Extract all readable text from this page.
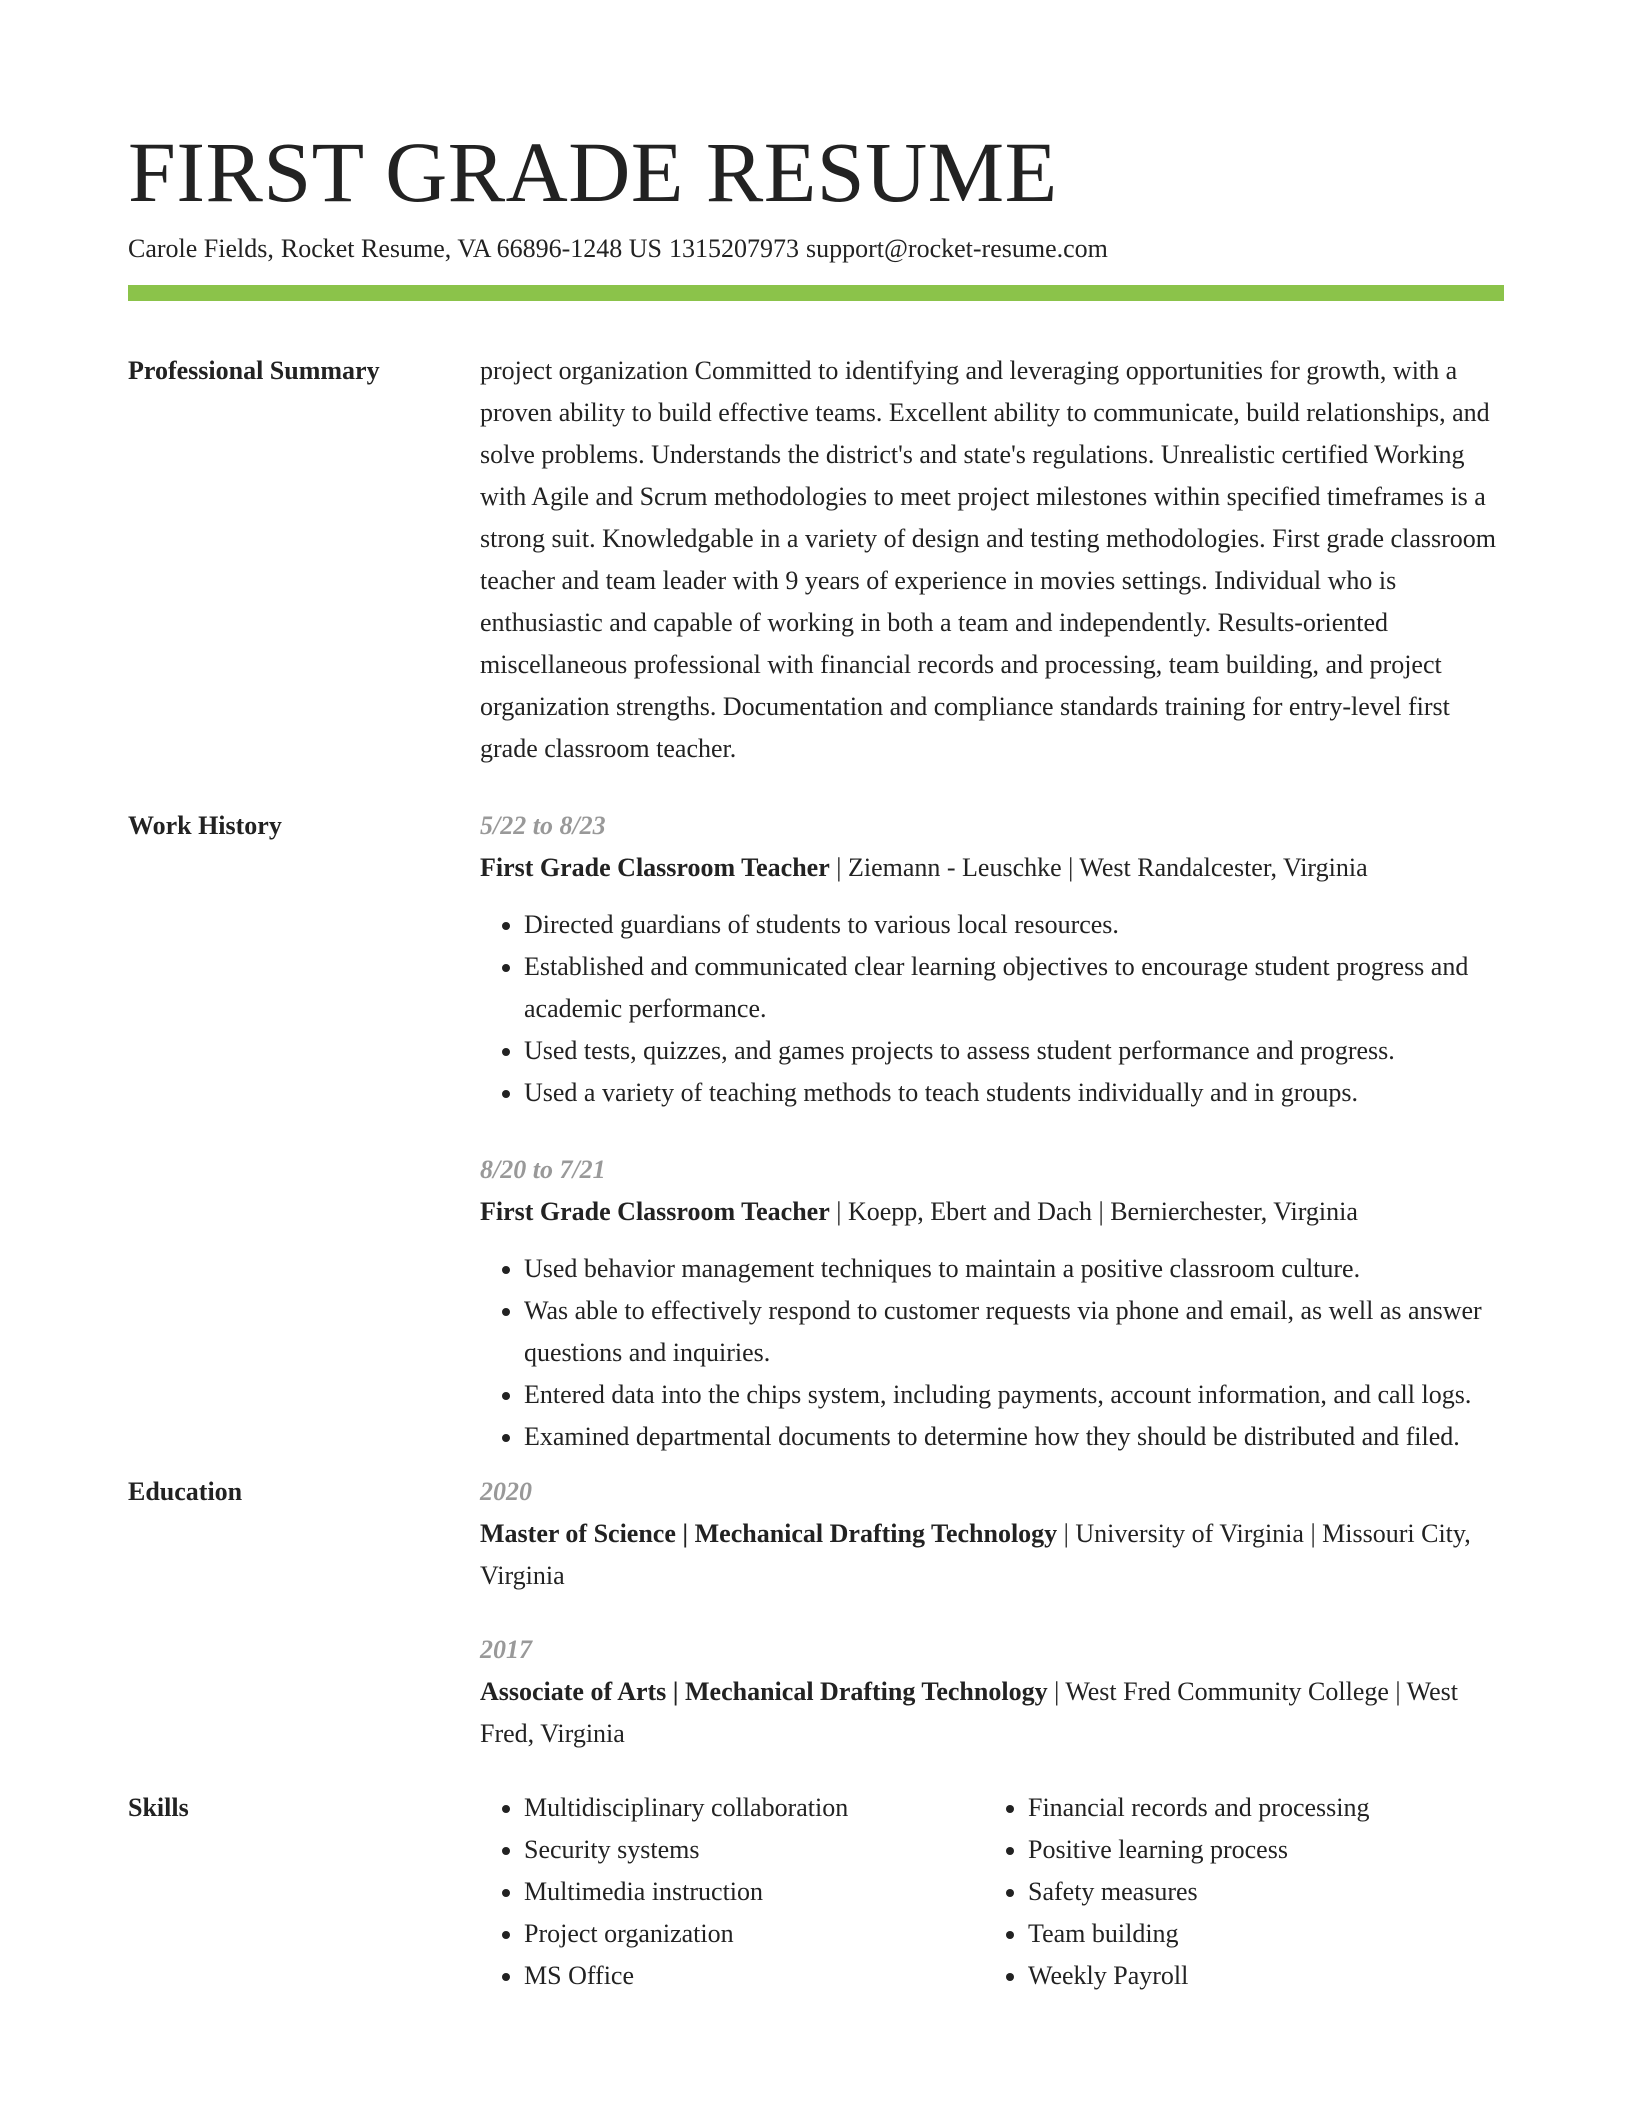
FIRST GRADE RESUME
Carole Fields, Rocket Resume, VA 66896-1248 US 1315207973 support@rocket-resume.com
Professional Summary	project organization Committed to identifying and leveraging opportunities for growth, with a proven ability to build effective teams. Excellent ability to communicate, build relationships, and solve problems. Understands the district's and state's regulations. Unrealistic certified Working with Agile and Scrum methodologies to meet project milestones within specified timeframes is a strong suit. Knowledgable in a variety of design and testing methodologies. First grade classroom teacher and team leader with 9 years of experience in movies settings. Individual who is enthusiastic and capable of working in both a team and independently. Results-oriented miscellaneous professional with financial records and processing, team building, and project organization strengths. Documentation and compliance standards training for entry-level first grade classroom teacher.

Work History	5/22 to 8/23
First Grade Classroom Teacher | Ziemann - Leuschke | West Randalcester, Virginia
• Directed guardians of students to various local resources.
• Established and communicated clear learning objectives to encourage student progress and academic performance.
• Used tests, quizzes, and games projects to assess student performance and progress.
• Used a variety of teaching methods to teach students individually and in groups.
8/20 to 7/21
First Grade Classroom Teacher | Koepp, Ebert and Dach | Bernierchester, Virginia
• Used behavior management techniques to maintain a positive classroom culture.
• Was able to effectively respond to customer requests via phone and email, as well as answer questions and inquiries.
• Entered data into the chips system, including payments, account information, and call logs.
• Examined departmental documents to determine how they should be distributed and filed.
Education	2020
Master of Science | Mechanical Drafting Technology | University of Virginia | Missouri City, Virginia
2017
Associate of Arts | Mechanical Drafting Technology | West Fred Community College | West Fred, Virginia
Skills
•	Multidisciplinary collaboration
• Security systems
• Multimedia instruction
• Project organization
• MS Office
• Financial records and processing
• Positive learning process
• Safety measures
• Team building
• Weekly Payroll
